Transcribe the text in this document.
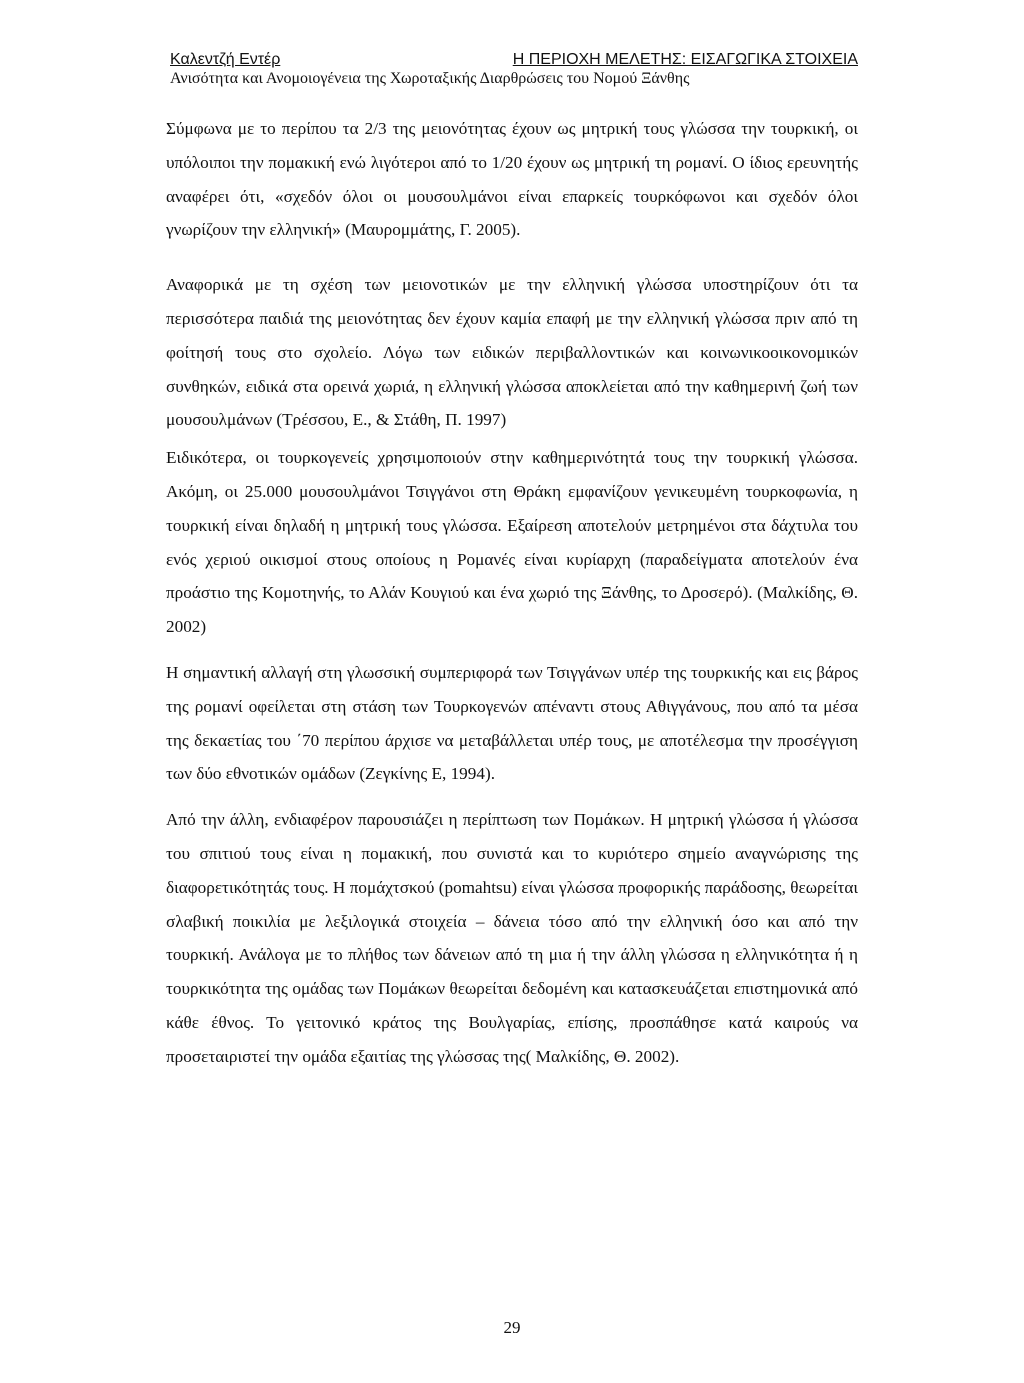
Καλεντζή Εντέρ	Η ΠΕΡΙΟΧΗ ΜΕΛΕΤΗΣ: ΕΙΣΑΓΩΓΙΚΑ ΣΤΟΙΧΕΙΑ
Ανισότητα και Ανομοιογένεια της Χωροταξικής Διαρθρώσεις του Νομού Ξάνθης

Σύμφωνα με το περίπου τα 2/3 της μειονότητας έχουν ως μητρική τους γλώσσα την τουρκική, οι υπόλοιποι την πομακική ενώ λιγότεροι από το 1/20 έχουν ως μητρική τη ρομανί. Ο ίδιος ερευνητής αναφέρει ότι, «σχεδόν όλοι οι μουσουλμάνοι είναι επαρκείς τουρκόφωνοι και σχεδόν όλοι γνωρίζουν την ελληνική» (Μαυρομμάτης, Γ. 2005).

Αναφορικά με τη σχέση των μειονοτικών με την ελληνική γλώσσα υποστηρίζουν ότι τα περισσότερα παιδιά της μειονότητας δεν έχουν καμία επαφή με την ελληνική γλώσσα πριν από τη φοίτησή τους στο σχολείο. Λόγω των ειδικών περιβαλλοντικών και κοινωνικοοικονομικών συνθηκών, ειδικά στα ορεινά χωριά, η ελληνική γλώσσα αποκλείεται από την καθημερινή ζωή των μουσουλμάνων (Τρέσσου, Ε., & Στάθη, Π. 1997)

Ειδικότερα, οι τουρκογενείς χρησιμοποιούν στην καθημερινότητά τους την τουρκική γλώσσα. Ακόμη, οι 25.000 μουσουλμάνοι Τσιγγάνοι στη Θράκη εμφανίζουν γενικευμένη τουρκοφωνία, η τουρκική είναι δηλαδή η μητρική τους γλώσσα. Εξαίρεση αποτελούν μετρημένοι στα δάχτυλα του ενός χεριού οικισμοί στους οποίους η Ρομανές είναι κυρίαρχη (παραδείγματα αποτελούν ένα προάστιο της Κομοτηνής, το Αλάν Κουγιού και ένα χωριό της Ξάνθης, το Δροσερό). (Μαλκίδης, Θ. 2002)

Η σημαντική αλλαγή στη γλωσσική συμπεριφορά των Τσιγγάνων υπέρ της τουρκικής και εις βάρος της ρομανί οφείλεται στη στάση των Τουρκογενών απέναντι στους Αθιγγάνους, που από τα μέσα της δεκαετίας του ΄70 περίπου άρχισε να μεταβάλλεται υπέρ τους, με αποτέλεσμα την προσέγγιση των δύο εθνοτικών ομάδων (Ζεγκίνης Ε, 1994).

Από την άλλη, ενδιαφέρον παρουσιάζει η περίπτωση των Πομάκων. Η μητρική γλώσσα ή γλώσσα του σπιτιού τους είναι η πομακική, που συνιστά και το κυριότερο σημείο αναγνώρισης της διαφορετικότητάς τους. Η πομάχτσκού (pomahtsu) είναι γλώσσα προφορικής παράδοσης, θεωρείται σλαβική ποικιλία με λεξιλογικά στοιχεία – δάνεια τόσο από την ελληνική όσο και από την τουρκική. Ανάλογα με το πλήθος των δάνειων από τη μια ή την άλλη γλώσσα η ελληνικότητα ή η τουρκικότητα της ομάδας των Πομάκων θεωρείται δεδομένη και κατασκευάζεται επιστημονικά από κάθε έθνος. Το γειτονικό κράτος της Βουλγαρίας, επίσης, προσπάθησε κατά καιρούς να προσεταιριστεί την ομάδα εξαιτίας της γλώσσας της( Μαλκίδης, Θ. 2002).

29
